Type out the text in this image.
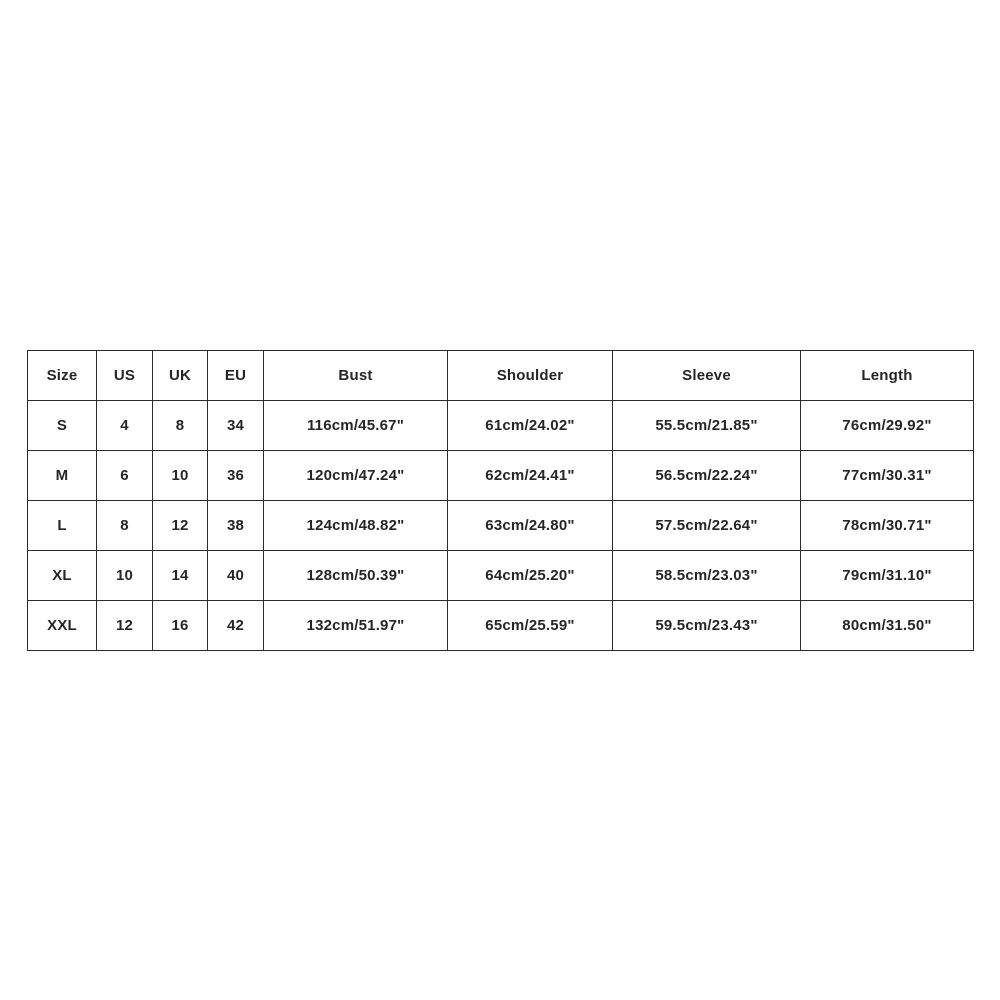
Size	US	UK	EU	Bust	Shoulder	Sleeve	Length
S	4	8	34	116cm/45.67"	61cm/24.02"	55.5cm/21.85"	76cm/29.92"
M	6	10	36	120cm/47.24"	62cm/24.41"	56.5cm/22.24"	77cm/30.31"
L	8	12	38	124cm/48.82"	63cm/24.80"	57.5cm/22.64"	78cm/30.71"
XL	10	14	40	128cm/50.39"	64cm/25.20"	58.5cm/23.03"	79cm/31.10"
XXL	12	16	42	132cm/51.97"	65cm/25.59"	59.5cm/23.43"	80cm/31.50"
